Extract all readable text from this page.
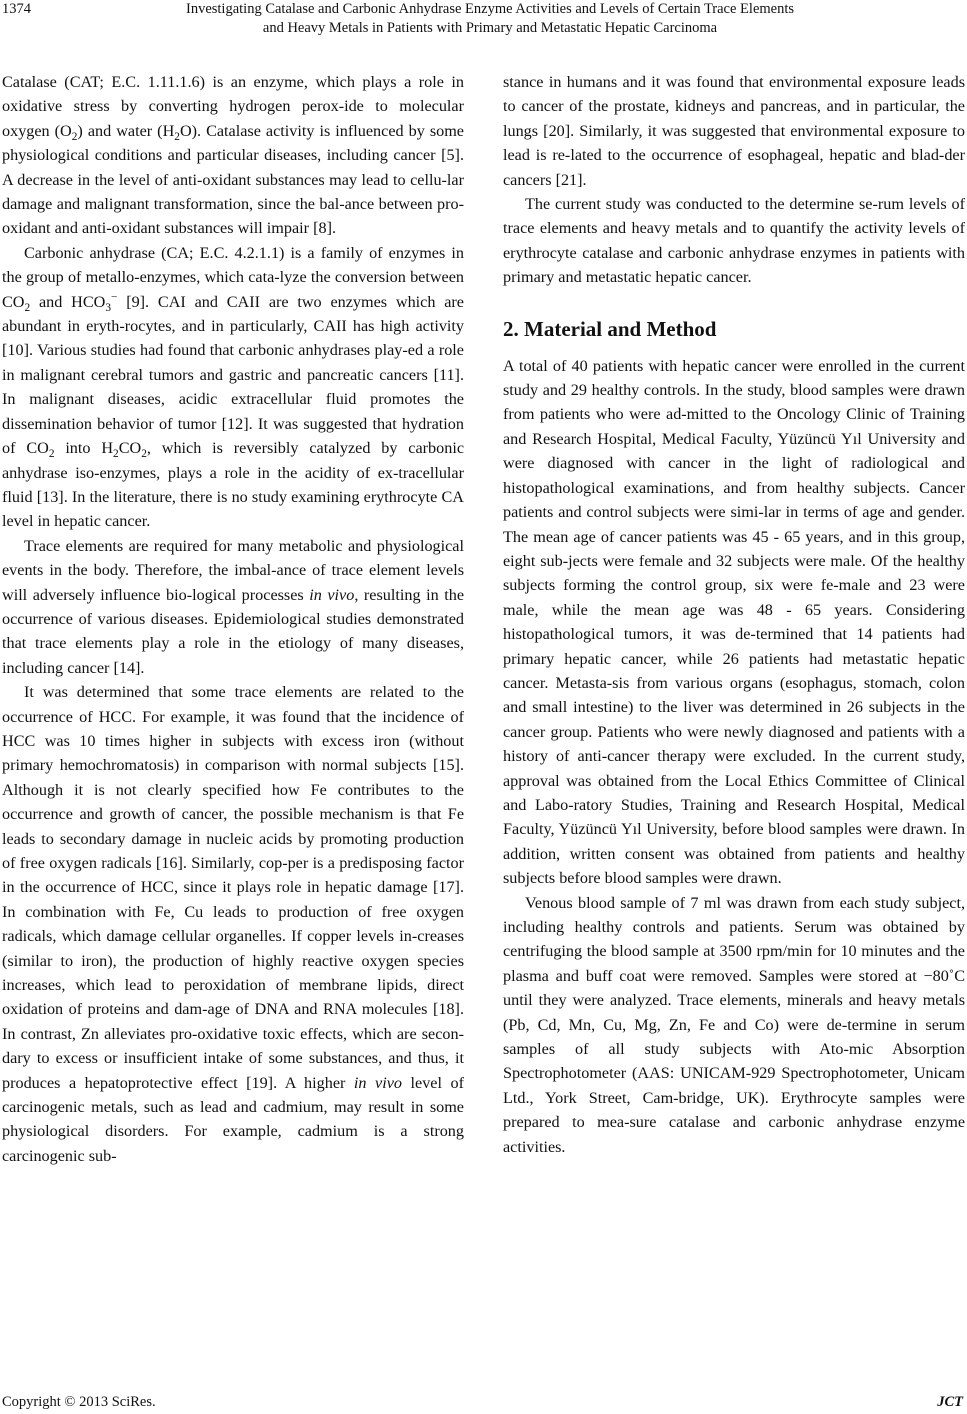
1374	Investigating Catalase and Carbonic Anhydrase Enzyme Activities and Levels of Certain Trace Elements
and Heavy Metals in Patients with Primary and Metastatic Hepatic Carcinoma

Catalase (CAT; E.C. 1.11.1.6) is an enzyme, which plays a role in oxidative stress by converting hydrogen perox-ide to molecular oxygen $(O_2)$ and water $(H_2O)$. Catalase activity is influenced by some physiological conditions and particular diseases, including cancer [5]. A decrease in the level of anti-oxidant substances may lead to cellu-lar damage and malignant transformation, since the bal-ance between pro-oxidant and anti-oxidant substances will impair [8].

Carbonic anhydrase (CA; E.C. 4.2.1.1) is a family of enzymes in the group of metallo-enzymes, which cata-lyze the conversion between $CO_2$ and $HCO_3^-$ [9]. CAI and CAII are two enzymes which are abundant in eryth-rocytes, and in particularly, CAII has high activity [10]. Various studies had found that carbonic anhydrases play-ed a role in malignant cerebral tumors and gastric and pancreatic cancers [11]. In malignant diseases, acidic extracellular fluid promotes the dissemination behavior of tumor [12]. It was suggested that hydration of $CO_2$ into $H_2CO_2$, which is reversibly catalyzed by carbonic anhydrase iso-enzymes, plays a role in the acidity of ex-tracellular fluid [13]. In the literature, there is no study examining erythrocyte CA level in hepatic cancer.

Trace elements are required for many metabolic and physiological events in the body. Therefore, the imbal-ance of trace element levels will adversely influence bio-logical processes in vivo, resulting in the occurrence of various diseases. Epidemiological studies demonstrated that trace elements play a role in the etiology of many diseases, including cancer [14].

It was determined that some trace elements are related to the occurrence of HCC. For example, it was found that the incidence of HCC was 10 times higher in subjects with excess iron (without primary hemochromatosis) in comparison with normal subjects [15]. Although it is not clearly specified how Fe contributes to the occurrence and growth of cancer, the possible mechanism is that Fe leads to secondary damage in nucleic acids by promoting production of free oxygen radicals [16]. Similarly, cop-per is a predisposing factor in the occurrence of HCC, since it plays role in hepatic damage [17]. In combination with Fe, Cu leads to production of free oxygen radicals, which damage cellular organelles. If copper levels in-creases (similar to iron), the production of highly reactive oxygen species increases, which lead to peroxidation of membrane lipids, direct oxidation of proteins and dam-age of DNA and RNA molecules [18]. In contrast, Zn alleviates pro-oxidative toxic effects, which are secon-dary to excess or insufficient intake of some substances, and thus, it produces a hepatoprotective effect [19]. A higher in vivo level of carcinogenic metals, such as lead and cadmium, may result in some physiological disorders. For example, cadmium is a strong carcinogenic sub-

stance in humans and it was found that environmental exposure leads to cancer of the prostate, kidneys and pancreas, and in particular, the lungs [20]. Similarly, it was suggested that environmental exposure to lead is re-lated to the occurrence of esophageal, hepatic and blad-der cancers [21].

The current study was conducted to the determine se-rum levels of trace elements and heavy metals and to quantify the activity levels of erythrocyte catalase and carbonic anhydrase enzymes in patients with primary and metastatic hepatic cancer.

2. Material and Method

A total of 40 patients with hepatic cancer were enrolled in the current study and 29 healthy controls. In the study, blood samples were drawn from patients who were ad-mitted to the Oncology Clinic of Training and Research Hospital, Medical Faculty, Yüzüncü Yıl University and were diagnosed with cancer in the light of radiological and histopathological examinations, and from healthy subjects. Cancer patients and control subjects were simi-lar in terms of age and gender. The mean age of cancer patients was 45 - 65 years, and in this group, eight sub-jects were female and 32 subjects were male. Of the healthy subjects forming the control group, six were fe-male and 23 were male, while the mean age was 48 - 65 years. Considering histopathological tumors, it was de-termined that 14 patients had primary hepatic cancer, while 26 patients had metastatic hepatic cancer. Metasta-sis from various organs (esophagus, stomach, colon and small intestine) to the liver was determined in 26 subjects in the cancer group. Patients who were newly diagnosed and patients with a history of anti-cancer therapy were excluded. In the current study, approval was obtained from the Local Ethics Committee of Clinical and Labo-ratory Studies, Training and Research Hospital, Medical Faculty, Yüzüncü Yıl University, before blood samples were drawn. In addition, written consent was obtained from patients and healthy subjects before blood samples were drawn.

Venous blood sample of 7 ml was drawn from each study subject, including healthy controls and patients. Serum was obtained by centrifuging the blood sample at 3500 rpm/min for 10 minutes and the plasma and buff coat were removed. Samples were stored at −80˚C until they were analyzed. Trace elements, minerals and heavy metals (Pb, Cd, Mn, Cu, Mg, Zn, Fe and Co) were de-termine in serum samples of all study subjects with Ato-mic Absorption Spectrophotometer (AAS: UNICAM-929 Spectrophotometer, Unicam Ltd., York Street, Cam-bridge, UK). Erythrocyte samples were prepared to mea-sure catalase and carbonic anhydrase enzyme activities.

Copyright © 2013 SciRes.	JCT
